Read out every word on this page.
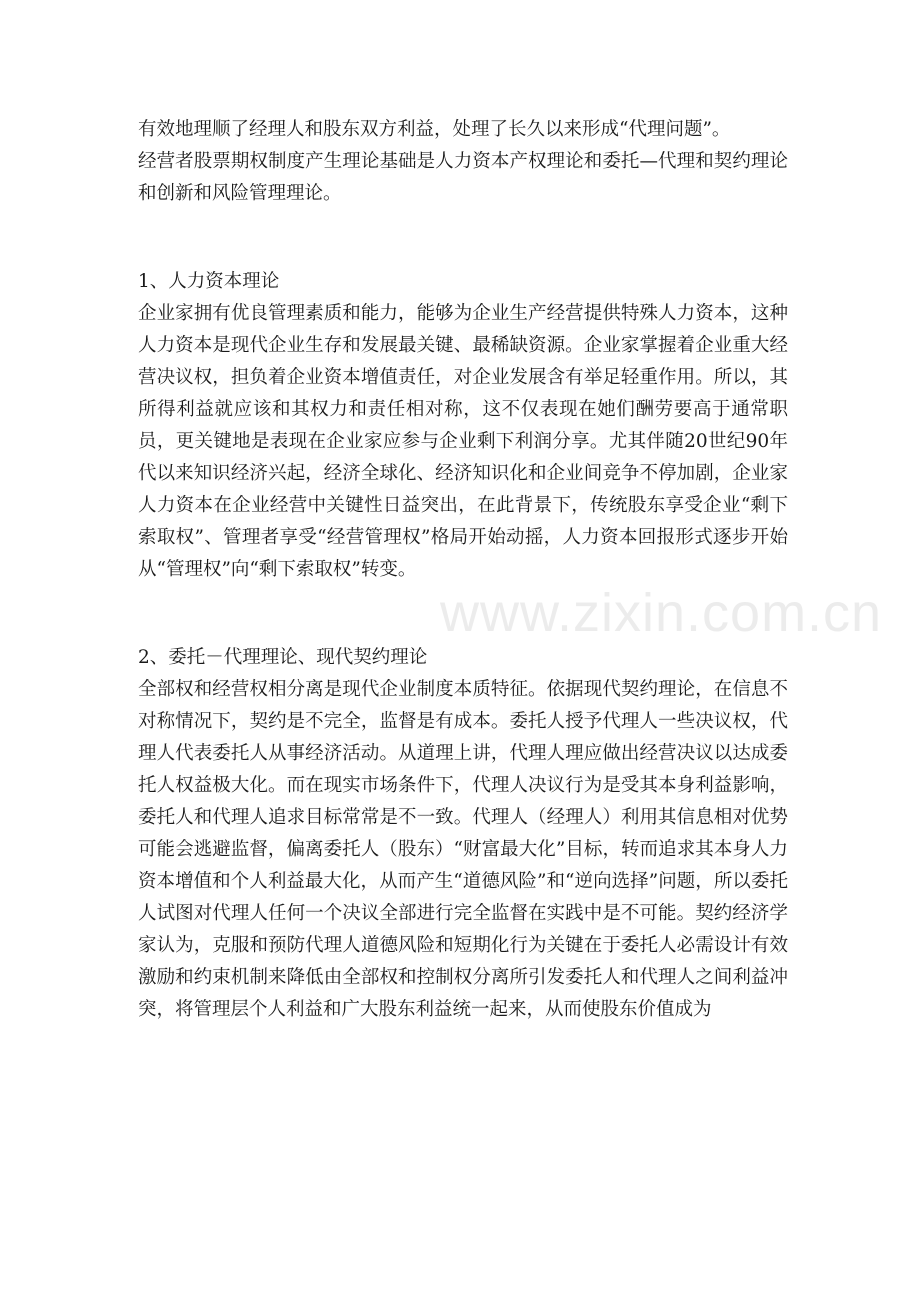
www.zixin.com.cn

有效地理顺了经理人和股东双方利益，处理了长久以来形成“代理问题”。

经营者股票期权制度产生理论基础是人力资本产权理论和委托—代理和契约理论和创新和风险管理理论。

1、人力资本理论

企业家拥有优良管理素质和能力，能够为企业生产经营提供特殊人力资本，这种人力资本是现代企业生存和发展最关键、最稀缺资源。企业家掌握着企业重大经营决议权，担负着企业资本增值责任，对企业发展含有举足轻重作用。所以，其所得利益就应该和其权力和责任相对称，这不仅表现在她们酬劳要高于通常职员，更关键地是表现在企业家应参与企业剩下利润分享。尤其伴随20世纪90年代以来知识经济兴起，经济全球化、经济知识化和企业间竞争不停加剧，企业家人力资本在企业经营中关键性日益突出，在此背景下，传统股东享受企业“剩下索取权”、管理者享受“经营管理权”格局开始动摇，人力资本回报形式逐步开始从“管理权”向“剩下索取权”转变。

2、委托－代理理论、现代契约理论

全部权和经营权相分离是现代企业制度本质特征。依据现代契约理论，在信息不对称情况下，契约是不完全，监督是有成本。委托人授予代理人一些决议权，代理人代表委托人从事经济活动。从道理上讲，代理人理应做出经营决议以达成委托人权益极大化。而在现实市场条件下，代理人决议行为是受其本身利益影响，委托人和代理人追求目标常常是不一致。代理人（经理人）利用其信息相对优势可能会逃避监督，偏离委托人（股东）“财富最大化”目标，转而追求其本身人力资本增值和个人利益最大化，从而产生“道德风险”和“逆向选择”问题，所以委托人试图对代理人任何一个决议全部进行完全监督在实践中是不可能。契约经济学家认为，克服和预防代理人道德风险和短期化行为关键在于委托人必需设计有效激励和约束机制来降低由全部权和控制权分离所引发委托人和代理人之间利益冲突，将管理层个人利益和广大股东利益统一起来，从而使股东价值成为
